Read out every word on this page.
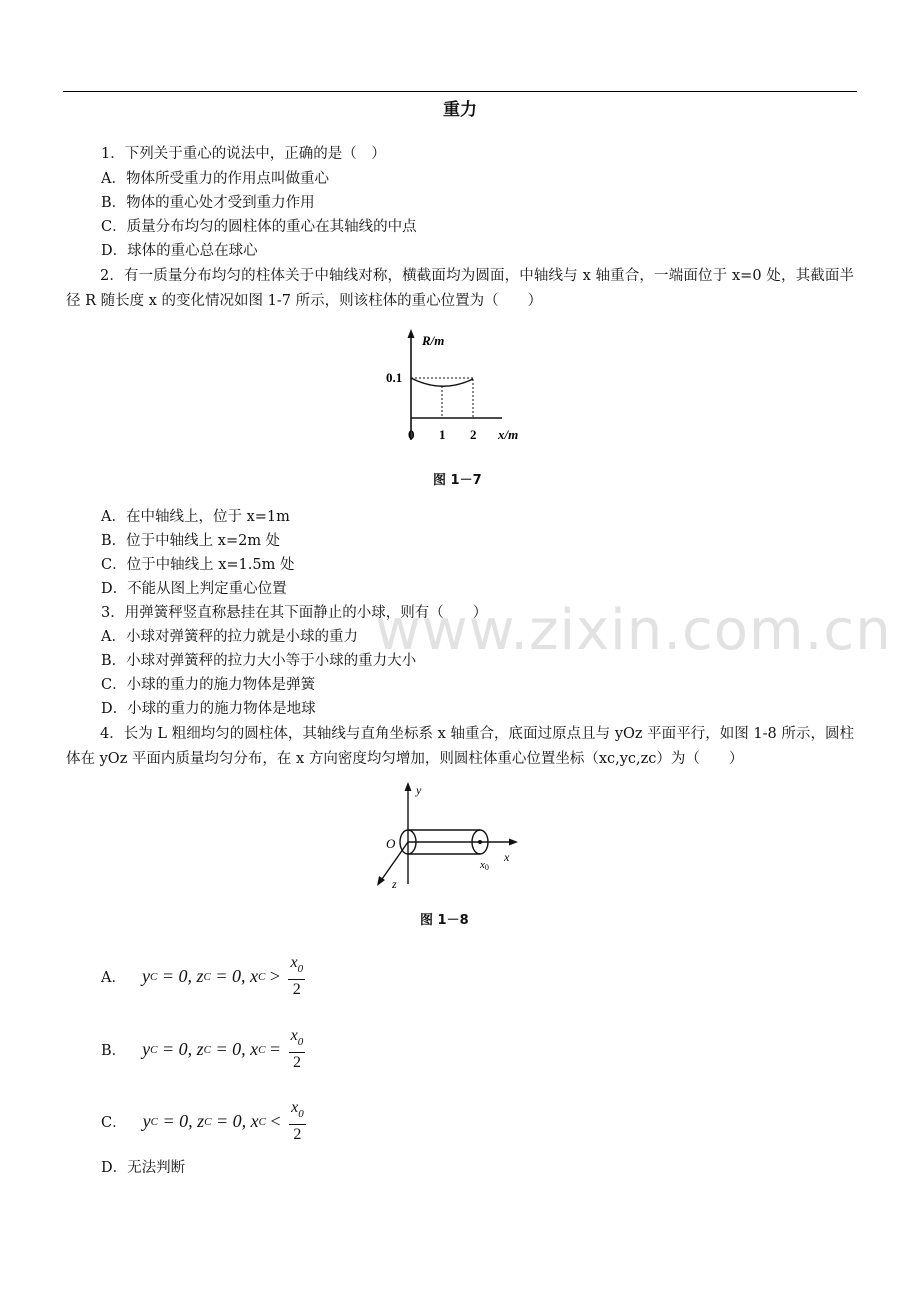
重力
www.zixin.com.cn
1．下列关于重心的说法中，正确的是（　）
A．物体所受重力的作用点叫做重心
B．物体的重心处才受到重力作用
C．质量分布均匀的圆柱体的重心在其轴线的中点
D．球体的重心总在球心
2．有一质量分布均匀的柱体关于中轴线对称，横截面均为圆面，中轴线与 x 轴重合，一端面位于 x=0 处，其截面半径 R 随长度 x 的变化情况如图 1-7 所示，则该柱体的重心位置为（　　）
R/m
0.1
0 1 2 x/m
图 1－7
A．在中轴线上，位于 x=1m
B．位于中轴线上 x=2m 处
C．位于中轴线上 x=1.5m 处
D．不能从图上判定重心位置
3．用弹簧秤竖直称悬挂在其下面静止的小球，则有（　　）
A．小球对弹簧秤的拉力就是小球的重力
B．小球对弹簧秤的拉力大小等于小球的重力大小
C．小球的重力的施力物体是弹簧
D．小球的重力的施力物体是地球
4．长为 L 粗细均匀的圆柱体，其轴线与直角坐标系 x 轴重合，底面过原点且与 yOz 平面平行，如图 1-8 所示，圆柱体在 yOz 平面内质量均匀分布，在 x 方向密度均匀增加，则圆柱体重心位置坐标（xc,yc,zc）为（　　）
y
O
x
z
x0
图 1－8
A． y C = 0, z C = 0, x $C > \frac{x_0}{2}$
B． y C = 0, z C = 0, x $C = \frac{x_0}{2}$
C． y C = 0, z C = 0, x $C < \frac{x_0}{2}$
D．无法判断
